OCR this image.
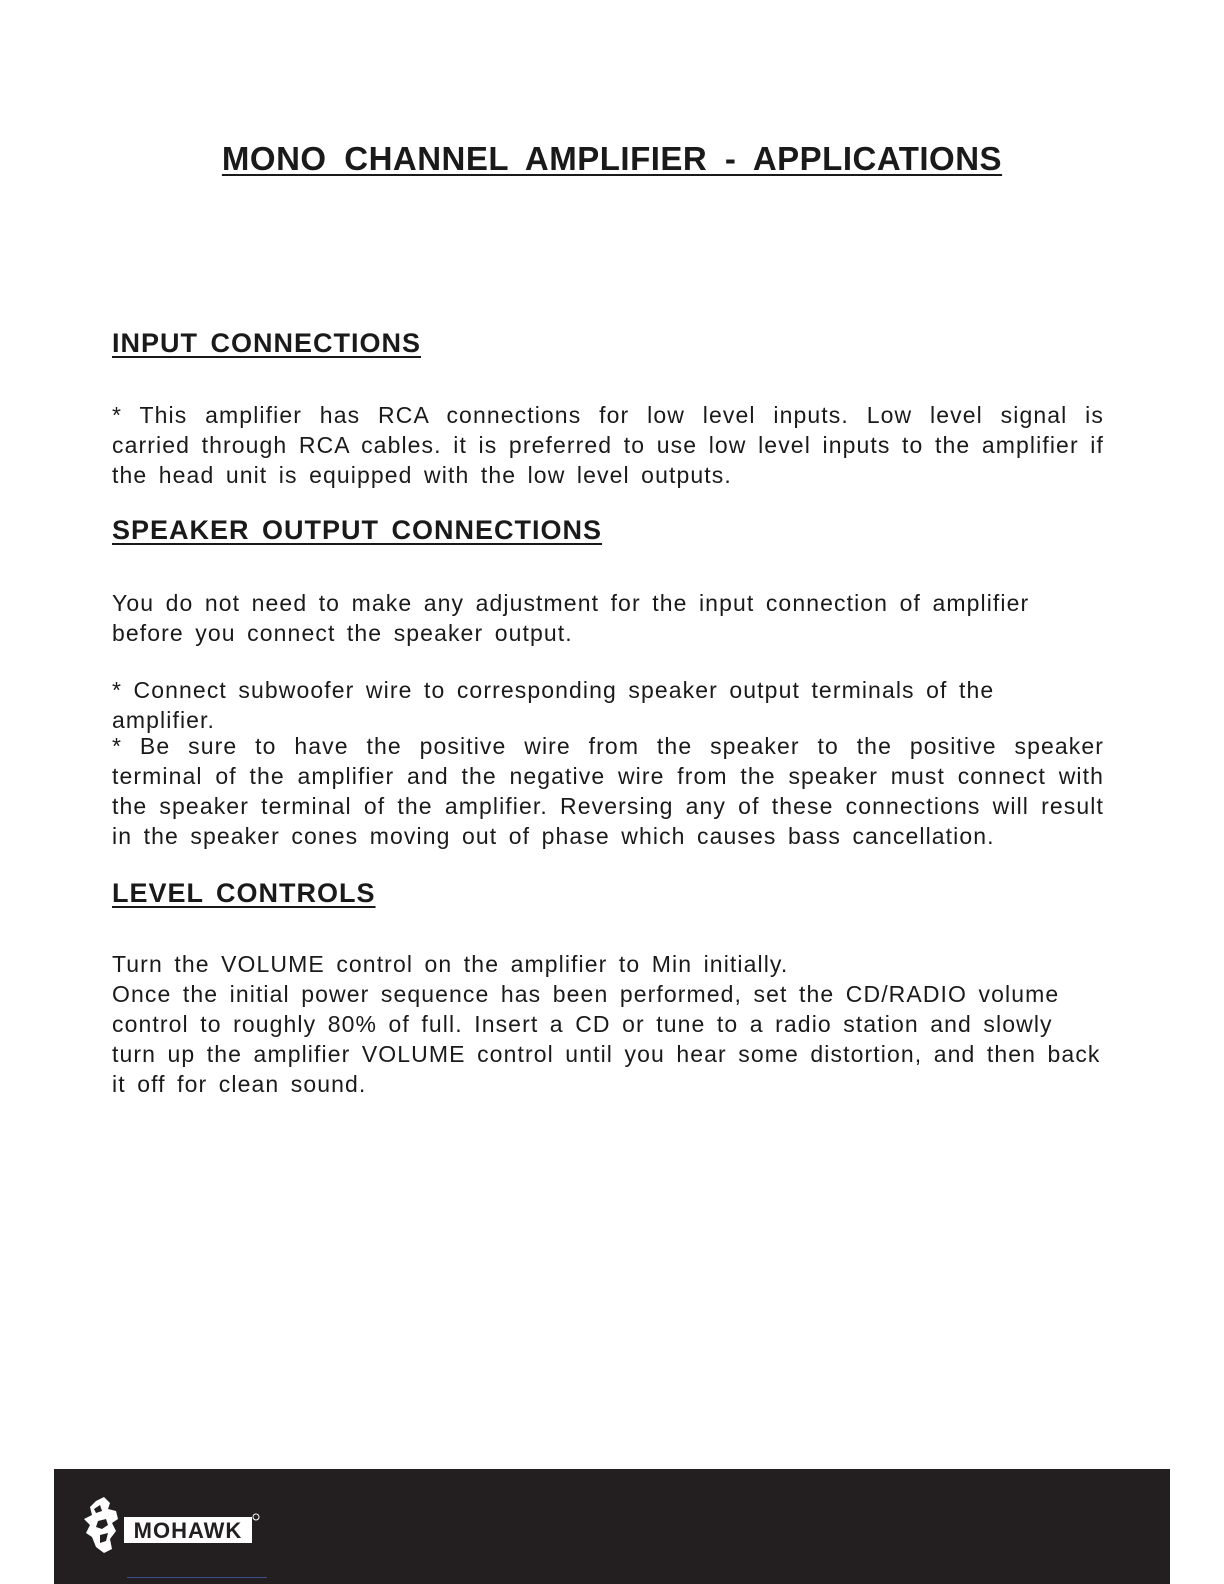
MONO CHANNEL AMPLIFIER - APPLICATIONS
INPUT CONNECTIONS

* This amplifier has RCA connections for low level inputs. Low level signal is carried through RCA cables. it is preferred to use low level inputs to the amplifier if the head unit is equipped with the low level outputs.

SPEAKER OUTPUT CONNECTIONS

You do not need to make any adjustment for the input connection of amplifier before you connect the speaker output.

* Connect subwoofer wire to corresponding speaker output terminals of the amplifier.

* Be sure to have the positive wire from the speaker to the positive speaker terminal of the amplifier and the negative wire from the speaker must connect with the speaker terminal of the amplifier. Reversing any of these connections will result in the speaker cones moving out of phase which causes bass cancellation.

LEVEL CONTROLS

Turn the VOLUME control on the amplifier to Min initially.

Once the initial power sequence has been performed, set the CD/RADIO volume control to roughly 80% of full. Insert a CD or tune to a radio station and slowly turn up the amplifier VOLUME control until you hear some distortion, and then back it off for clean sound.

MOHAWK
